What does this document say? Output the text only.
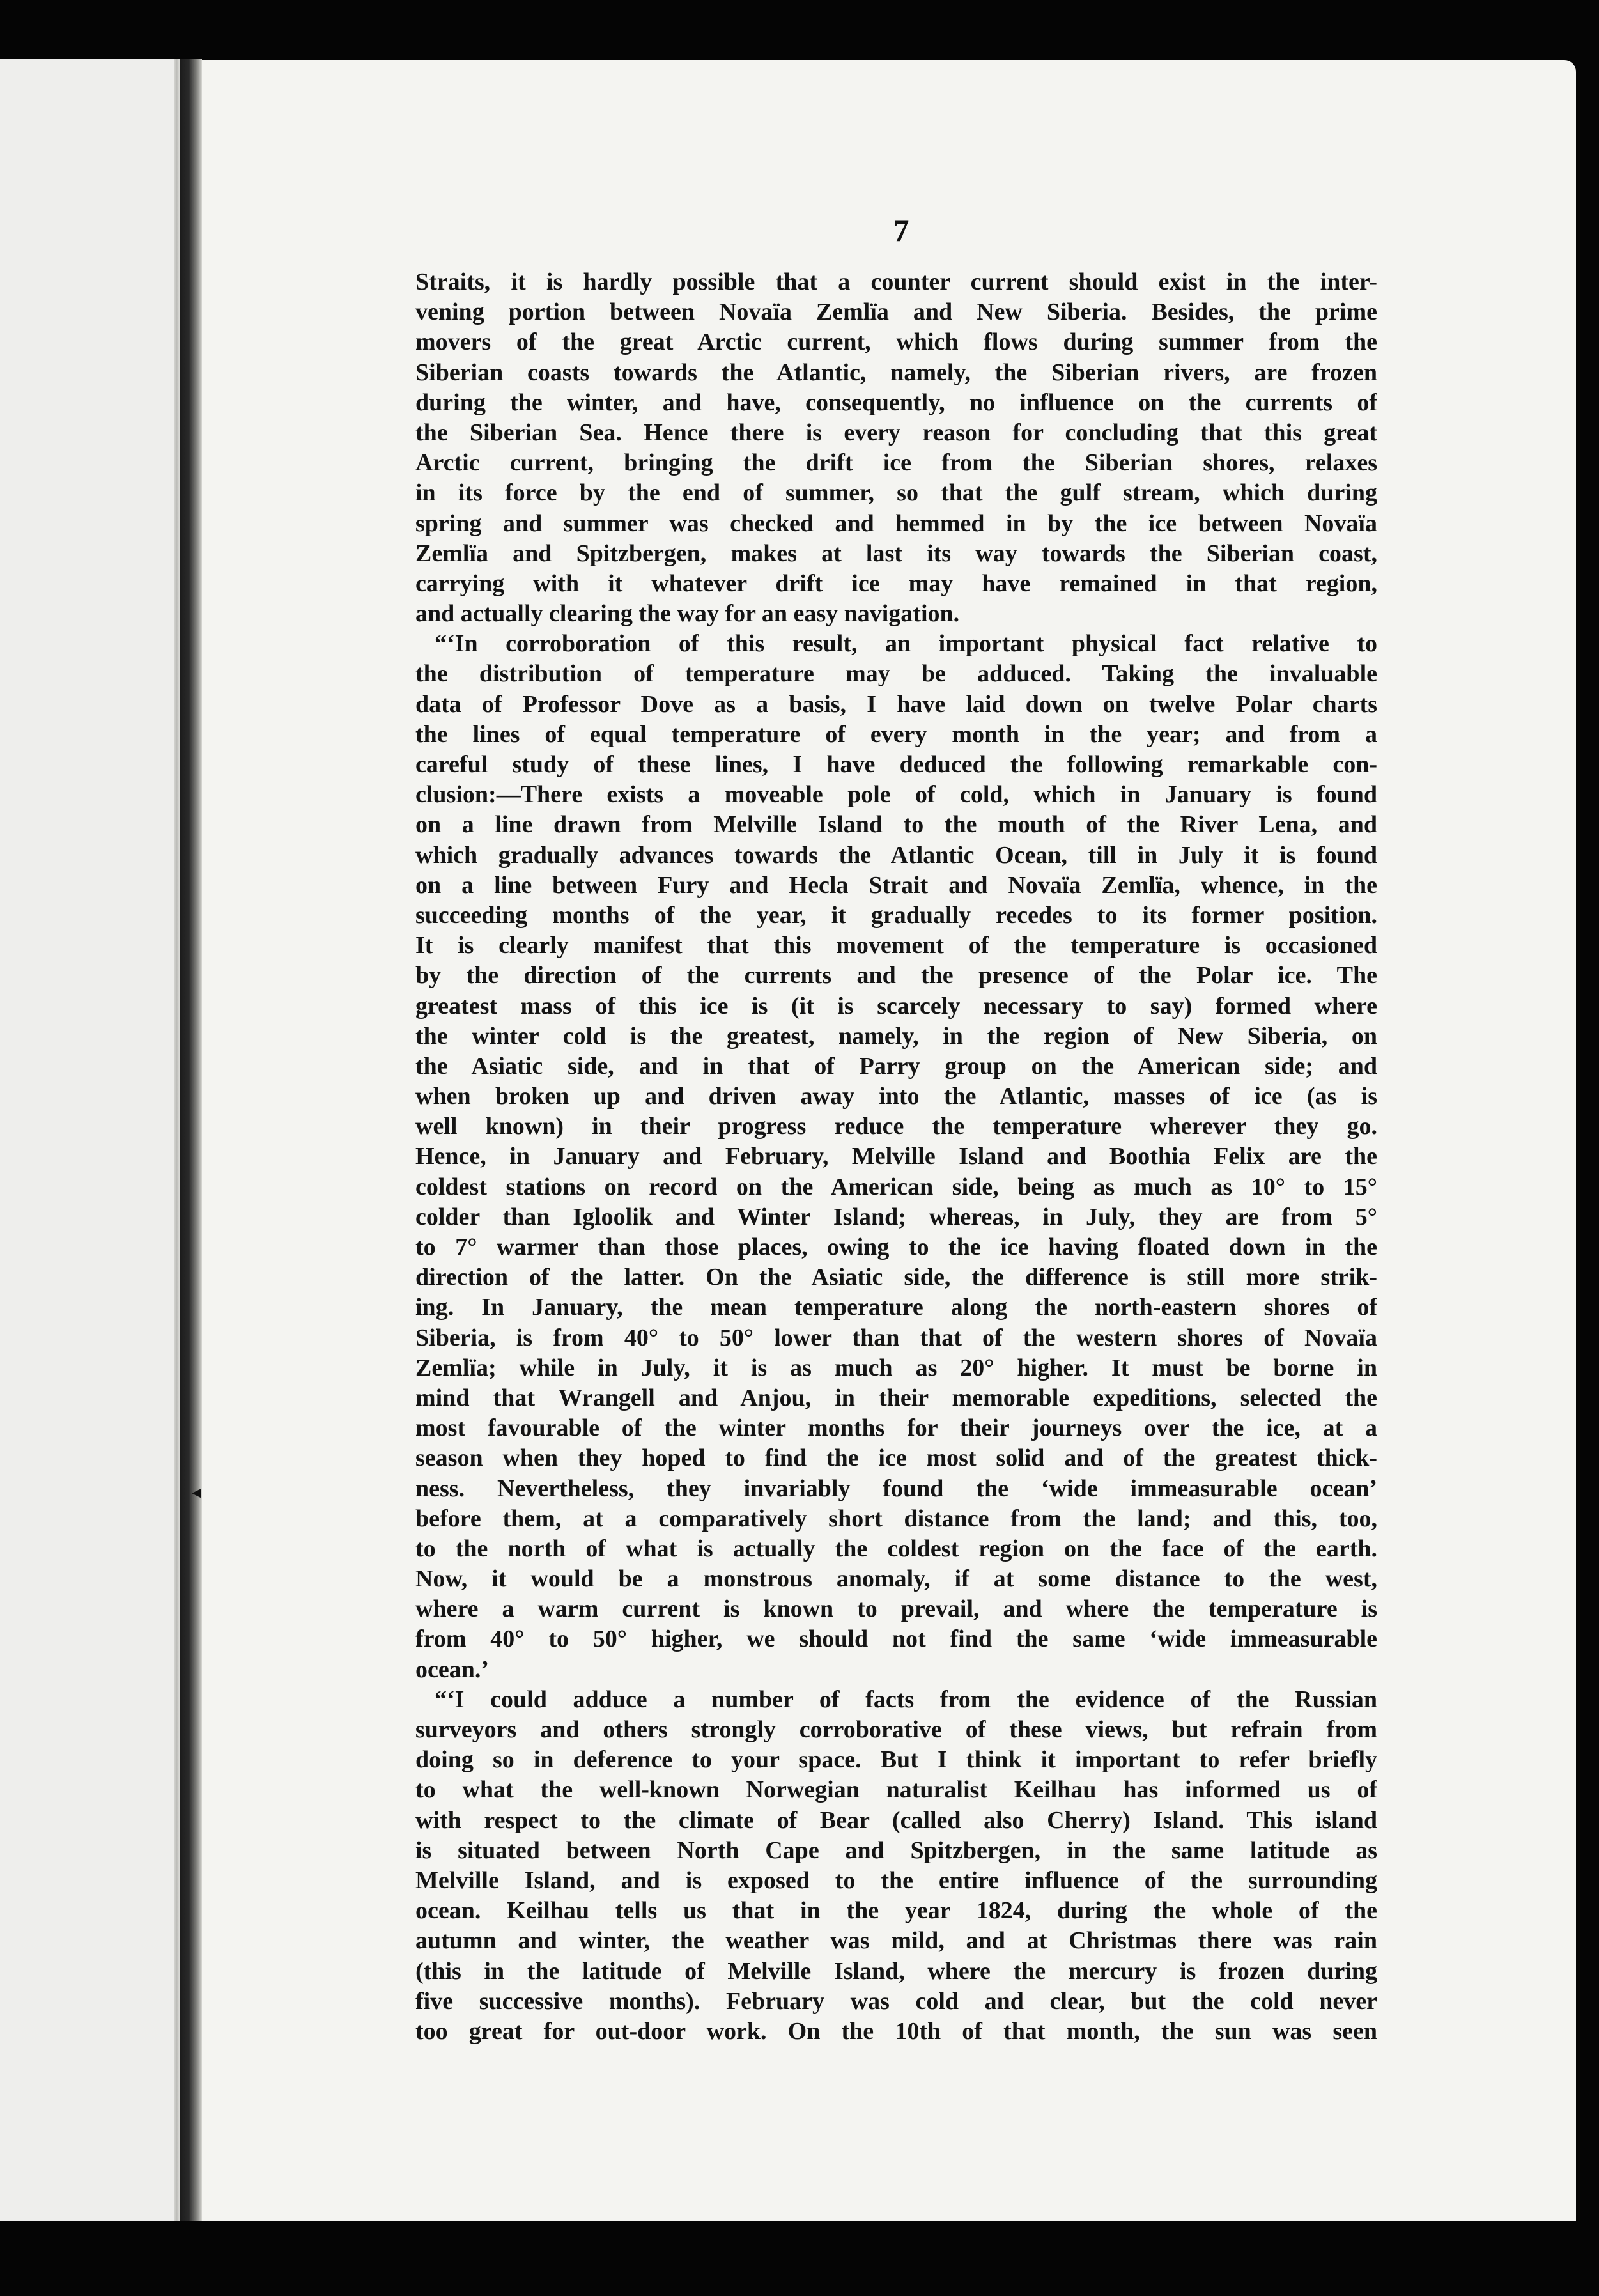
◂
7
Straits, it is hardly possible that a counter current should exist in the inter-
vening portion between Novaïa Zemlïa and New Siberia. Besides, the prime
movers of the great Arctic current, which flows during summer from the
Siberian coasts towards the Atlantic, namely, the Siberian rivers, are frozen
during the winter, and have, consequently, no influence on the currents of
the Siberian Sea. Hence there is every reason for concluding that this great
Arctic current, bringing the drift ice from the Siberian shores, relaxes
in its force by the end of summer, so that the gulf stream, which during
spring and summer was checked and hemmed in by the ice between Novaïa
Zemlïa and Spitzbergen, makes at last its way towards the Siberian coast,
carrying with it whatever drift ice may have remained in that region,
and actually clearing the way for an easy navigation.
“‘In corroboration of this result, an important physical fact relative to
the distribution of temperature may be adduced. Taking the invaluable
data of Professor Dove as a basis, I have laid down on twelve Polar charts
the lines of equal temperature of every month in the year; and from a
careful study of these lines, I have deduced the following remarkable con-
clusion:—There exists a moveable pole of cold, which in January is found
on a line drawn from Melville Island to the mouth of the River Lena, and
which gradually advances towards the Atlantic Ocean, till in July it is found
on a line between Fury and Hecla Strait and Novaïa Zemlïa, whence, in the
succeeding months of the year, it gradually recedes to its former position.
It is clearly manifest that this movement of the temperature is occasioned
by the direction of the currents and the presence of the Polar ice. The
greatest mass of this ice is (it is scarcely necessary to say) formed where
the winter cold is the greatest, namely, in the region of New Siberia, on
the Asiatic side, and in that of Parry group on the American side; and
when broken up and driven away into the Atlantic, masses of ice (as is
well known) in their progress reduce the temperature wherever they go.
Hence, in January and February, Melville Island and Boothia Felix are the
coldest stations on record on the American side, being as much as 10° to 15°
colder than Igloolik and Winter Island; whereas, in July, they are from 5°
to 7° warmer than those places, owing to the ice having floated down in the
direction of the latter. On the Asiatic side, the difference is still more strik-
ing. In January, the mean temperature along the north-eastern shores of
Siberia, is from 40° to 50° lower than that of the western shores of Novaïa
Zemlïa; while in July, it is as much as 20° higher. It must be borne in
mind that Wrangell and Anjou, in their memorable expeditions, selected the
most favourable of the winter months for their journeys over the ice, at a
season when they hoped to find the ice most solid and of the greatest thick-
ness. Nevertheless, they invariably found the ‘wide immeasurable ocean’
before them, at a comparatively short distance from the land; and this, too,
to the north of what is actually the coldest region on the face of the earth.
Now, it would be a monstrous anomaly, if at some distance to the west,
where a warm current is known to prevail, and where the temperature is
from 40° to 50° higher, we should not find the same ‘wide immeasurable
ocean.’
“‘I could adduce a number of facts from the evidence of the Russian
surveyors and others strongly corroborative of these views, but refrain from
doing so in deference to your space. But I think it important to refer briefly
to what the well-known Norwegian naturalist Keilhau has informed us of
with respect to the climate of Bear (called also Cherry) Island. This island
is situated between North Cape and Spitzbergen, in the same latitude as
Melville Island, and is exposed to the entire influence of the surrounding
ocean. Keilhau tells us that in the year 1824, during the whole of the
autumn and winter, the weather was mild, and at Christmas there was rain
(this in the latitude of Melville Island, where the mercury is frozen during
five successive months). February was cold and clear, but the cold never
too great for out-door work. On the 10th of that month, the sun was seen
